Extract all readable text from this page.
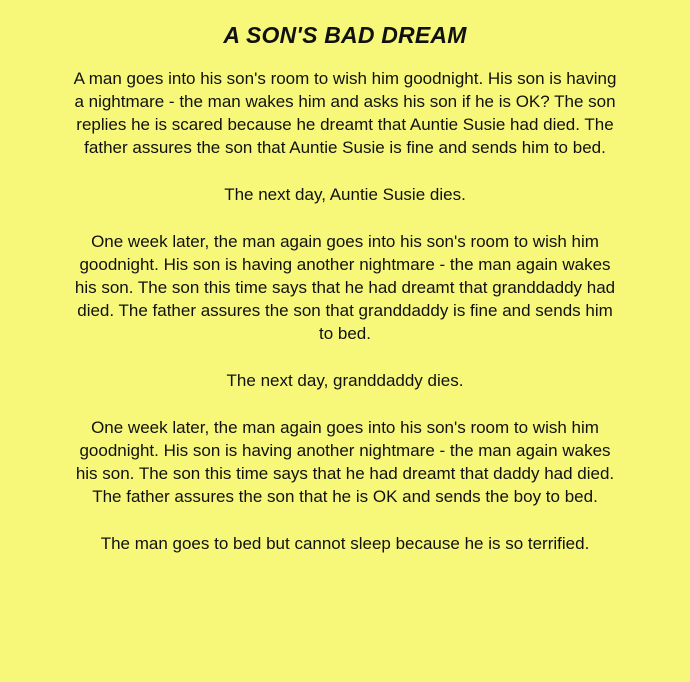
A SON'S BAD DREAM

A man goes into his son's room to wish him goodnight. His son is having a nightmare - the man wakes him and asks his son if he is OK? The son replies he is scared because he dreamt that Auntie Susie had died. The father assures the son that Auntie Susie is fine and sends him to bed.

The next day, Auntie Susie dies.

One week later, the man again goes into his son's room to wish him goodnight. His son is having another nightmare - the man again wakes his son. The son this time says that he had dreamt that granddaddy had died. The father assures the son that granddaddy is fine and sends him to bed.

The next day, granddaddy dies.

One week later, the man again goes into his son's room to wish him goodnight. His son is having another nightmare - the man again wakes his son. The son this time says that he had dreamt that daddy had died. The father assures the son that he is OK and sends the boy to bed.

The man goes to bed but cannot sleep because he is so terrified.
